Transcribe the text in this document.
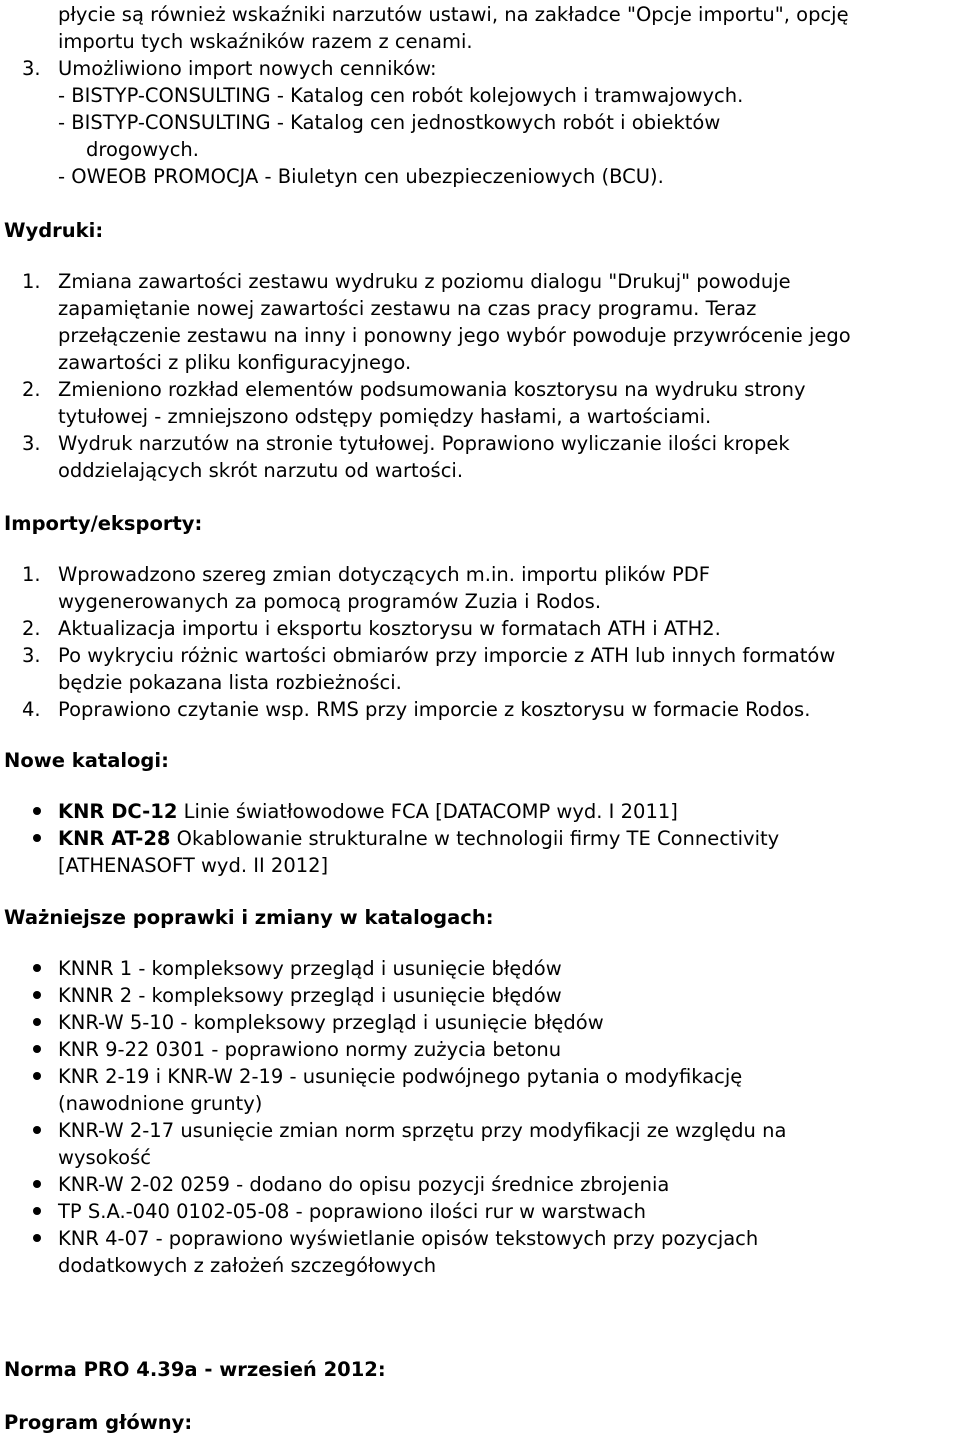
płycie są również wskaźniki narzutów ustawi, na zakładce "Opcje importu", opcję
importu tych wskaźników razem z cenami.
3. Umożliwiono import nowych cenników:
- BISTYP-CONSULTING - Katalog cen robót kolejowych i tramwajowych.
- BISTYP-CONSULTING - Katalog cen jednostkowych robót i obiektów
drogowych.
- OWEOB PROMOCJA - Biuletyn cen ubezpieczeniowych (BCU).
Wydruki:
1. Zmiana zawartości zestawu wydruku z poziomu dialogu "Drukuj" powoduje
zapamiętanie nowej zawartości zestawu na czas pracy programu. Teraz
przełączenie zestawu na inny i ponowny jego wybór powoduje przywrócenie jego
zawartości z pliku konfiguracyjnego.
2. Zmieniono rozkład elementów podsumowania kosztorysu na wydruku strony
tytułowej - zmniejszono odstępy pomiędzy hasłami, a wartościami.
3. Wydruk narzutów na stronie tytułowej. Poprawiono wyliczanie ilości kropek
oddzielających skrót narzutu od wartości.
Importy/eksporty:
1. Wprowadzono szereg zmian dotyczących m.in. importu plików PDF
wygenerowanych za pomocą programów Zuzia i Rodos.
2. Aktualizacja importu i eksportu kosztorysu w formatach ATH i ATH2.
3. Po wykryciu różnic wartości obmiarów przy imporcie z ATH lub innych formatów
będzie pokazana lista rozbieżności.
4. Poprawiono czytanie wsp. RMS przy imporcie z kosztorysu w formacie Rodos.
Nowe katalogi:
KNR DC-12 Linie światłowodowe FCA [DATACOMP wyd. I 2011]
KNR AT-28 Okablowanie strukturalne w technologii firmy TE Connectivity
[ATHENASOFT wyd. II 2012]
Ważniejsze poprawki i zmiany w katalogach:
KNNR 1 - kompleksowy przegląd i usunięcie błędów
KNNR 2 - kompleksowy przegląd i usunięcie błędów
KNR-W 5-10 - kompleksowy przegląd i usunięcie błędów
KNR 9-22 0301 - poprawiono normy zużycia betonu
KNR 2-19 i KNR-W 2-19 - usunięcie podwójnego pytania o modyfikację
(nawodnione grunty)
KNR-W 2-17 usunięcie zmian norm sprzętu przy modyfikacji ze względu na
wysokość
KNR-W 2-02 0259 - dodano do opisu pozycji średnice zbrojenia
TP S.A.-040 0102-05-08 - poprawiono ilości rur w warstwach
KNR 4-07 - poprawiono wyświetlanie opisów tekstowych przy pozycjach
dodatkowych z założeń szczegółowych
Norma PRO 4.39a - wrzesień 2012:
Program główny:
